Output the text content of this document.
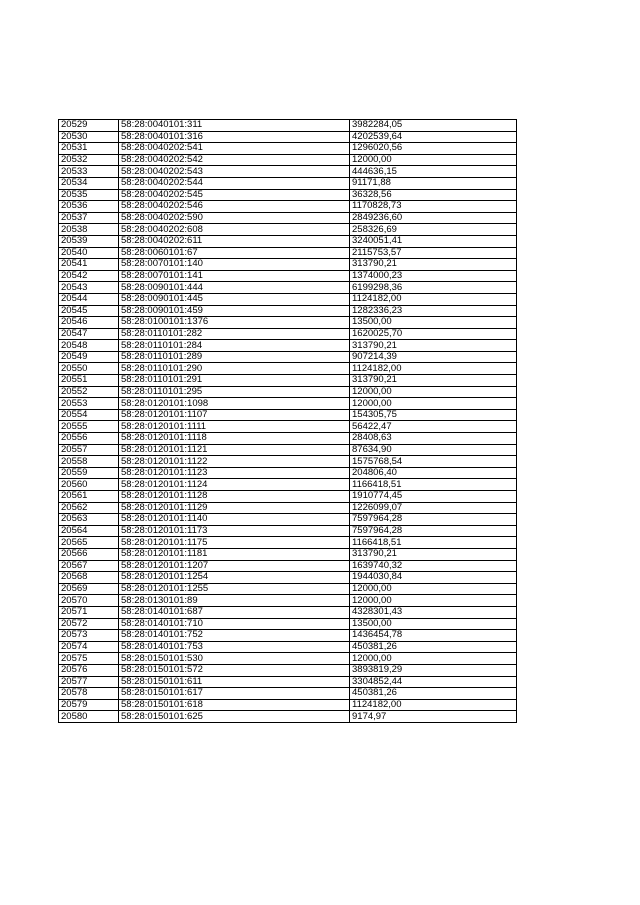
20529	58:28:0040101:311	3982284,05
20530	58:28:0040101:316	4202539,64
20531	58:28:0040202:541	1296020,56
20532	58:28:0040202:542	12000,00
20533	58:28:0040202:543	444636,15
20534	58:28:0040202:544	91171,88
20535	58:28:0040202:545	36328,56
20536	58:28:0040202:546	1170828,73
20537	58:28:0040202:590	2849236,60
20538	58:28:0040202:608	258326,69
20539	58:28:0040202:611	3240051,41
20540	58:28:0060101:67	2115753,57
20541	58:28:0070101:140	313790,21
20542	58:28:0070101:141	1374000,23
20543	58:28:0090101:444	6199298,36
20544	58:28:0090101:445	1124182,00
20545	58:28:0090101:459	1282336,23
20546	58:28:0100101:1376	13500,00
20547	58:28:0110101:282	1620025,70
20548	58:28:0110101:284	313790,21
20549	58:28:0110101:289	907214,39
20550	58:28:0110101:290	1124182,00
20551	58:28:0110101:291	313790,21
20552	58:28:0110101:295	12000,00
20553	58:28:0120101:1098	12000,00
20554	58:28:0120101:1107	154305,75
20555	58:28:0120101:1111	56422,47
20556	58:28:0120101:1118	28408,63
20557	58:28:0120101:1121	87634,90
20558	58:28:0120101:1122	1575768,54
20559	58:28:0120101:1123	204806,40
20560	58:28:0120101:1124	1166418,51
20561	58:28:0120101:1128	1910774,45
20562	58:28:0120101:1129	1226099,07
20563	58:28:0120101:1140	7597964,28
20564	58:28:0120101:1173	7597964,28
20565	58:28:0120101:1175	1166418,51
20566	58:28:0120101:1181	313790,21
20567	58:28:0120101:1207	1639740,32
20568	58:28:0120101:1254	1944030,84
20569	58:28:0120101:1255	12000,00
20570	58:28:0130101:89	12000,00
20571	58:28:0140101:687	4328301,43
20572	58:28:0140101:710	13500,00
20573	58:28:0140101:752	1436454,78
20574	58:28:0140101:753	450381,26
20575	58:28:0150101:530	12000,00
20576	58:28:0150101:572	3893819,29
20577	58:28:0150101:611	3304852,44
20578	58:28:0150101:617	450381,26
20579	58:28:0150101:618	1124182,00
20580	58:28:0150101:625	9174,97
